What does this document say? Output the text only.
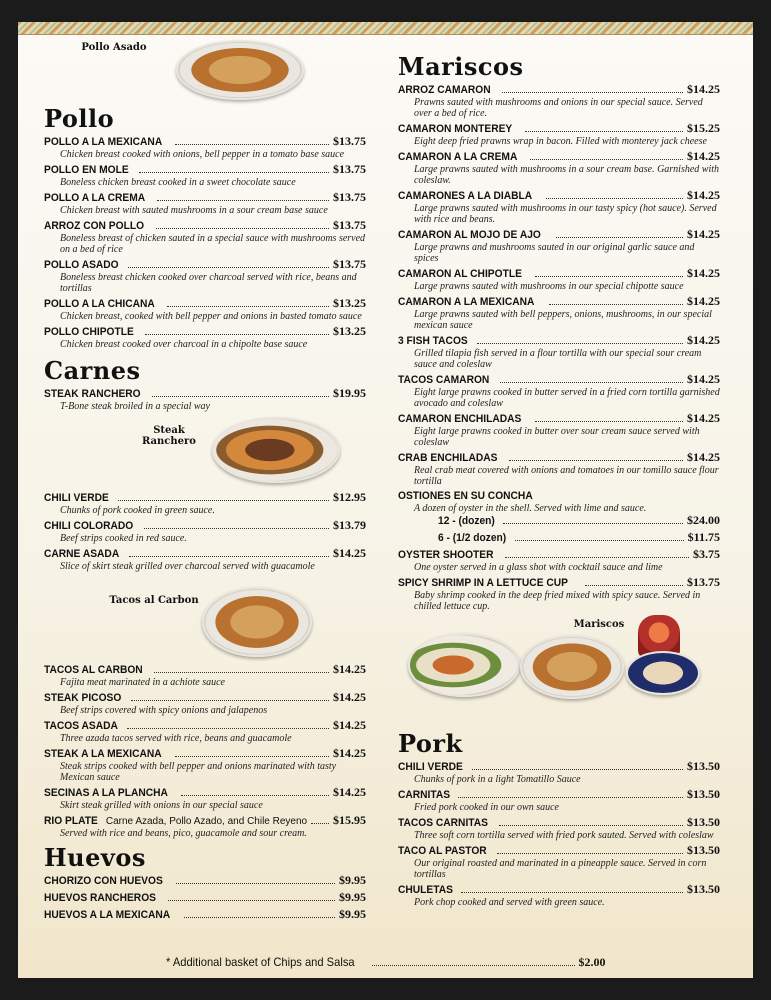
Pollo Asado
Pollo
POLLO A LA MEXICANA	$13.75
Chicken breast cooked with onions, bell pepper in a tomato base sauce
POLLO EN MOLE	$13.75
Boneless chicken breast cooked in a sweet chocolate sauce
POLLO A LA CREMA	$13.75
Chicken breast with sauted mushrooms in a sour cream base sauce
ARROZ CON POLLO	$13.75
Boneless breast of chicken sauted in a special sauce with mushrooms served on a bed of rice
POLLO ASADO	$13.75
Boneless breast chicken cooked over charcoal served with rice, beans and tortillas
POLLO A LA CHICANA	$13.25
Chicken breast, cooked with bell pepper and onions in basted tomato sauce
POLLO CHIPOTLE	$13.25
Chicken breast cooked over charcoal in a chipolte base sauce
Carnes
STEAK RANCHERO	$19.95
T-Bone steak broiled in a special way
Steak
Ranchero
CHILI VERDE	$12.95
Chunks of pork cooked in green sauce.
CHILI COLORADO	$13.79
Beef strips cooked in red sauce.
CARNE ASADA	$14.25
Slice of skirt steak grilled over charcoal served with guacamole
Tacos al Carbon
TACOS AL CARBON	$14.25
Fajita meat marinated in a achiote sauce
STEAK PICOSO	$14.25
Beef strips covered with spicy onions and jalapenos
TACOS ASADA	$14.25
Three azada tacos served with rice, beans and guacamole
STEAK A LA MEXICANA	$14.25
Steak strips cooked with bell pepper and onions marinated with tasty Mexican sauce
SECINAS A LA PLANCHA	$14.25
Skirt steak grilled with onions in our special sauce
RIO PLATE Carne Azada, Pollo Azado, and Chile Reyeno $15.95
Served with rice and beans, pico, guacamole and sour cream.
Huevos
CHORIZO CON HUEVOS	$9.95
HUEVOS RANCHEROS	$9.95
HUEVOS A LA MEXICANA	$9.95
Mariscos
ARROZ CAMARON	$14.25
Prawns sauted with mushrooms and onions in our special sauce. Served over a bed of rice.
CAMARON MONTEREY	$15.25
Eight deep fried prawns wrap in bacon. Filled with monterey jack cheese
CAMARON A LA CREMA	$14.25
Large prawns sauted with mushrooms in a sour cream base. Garnished with coleslaw.
CAMARONES A LA DIABLA	$14.25
Large prawns sauted with mushrooms in our tasty spicy (hot sauce). Served with rice and beans.
CAMARON AL MOJO DE AJO	$14.25
Large prawns and mushrooms sauted in our original garlic sauce and spices
CAMARON AL CHIPOTLE	$14.25
Large prawns sauted with mushrooms in our special chipotte sauce
CAMARON A LA MEXICANA	$14.25
Large prawns sauted with bell peppers, onions, mushrooms, in our special mexican sauce
3 FISH TACOS	$14.25
Grilled tilapia fish served in a flour tortilla with our special sour cream sauce and coleslaw
TACOS CAMARON	$14.25
Eight large prawns cooked in butter served in a fried corn tortilla garnished avocado and coleslaw
CAMARON ENCHILADAS	$14.25
Eight large prawns cooked in butter over sour cream sauce served with coleslaw
CRAB ENCHILADAS	$14.25
Real crab meat covered with onions and tomatoes in our tomillo sauce flour tortilla
OSTIONES EN SU CONCHA
A dozen of oyster in the shell. Served with lime and sauce.
12 - (dozen)	$24.00
6 - (1/2 dozen)	$11.75
OYSTER SHOOTER	$3.75
One oyster served in a glass shot with cocktail sauce and lime
SPICY SHRIMP IN A LETTUCE CUP	$13.75
Baby shrimp cooked in the deep fried mixed with spicy sauce. Served in chilled lettuce cup.
Mariscos
Pork
CHILI VERDE	$13.50
Chunks of pork in a light Tomatillo Sauce
CARNITAS	$13.50
Fried pork cooked in our own sauce
TACOS CARNITAS	$13.50
Three soft corn tortilla served with fried pork sauted. Served with coleslaw
TACO AL PASTOR	$13.50
Our original roasted and marinated in a pineapple sauce. Served in corn tortillas
CHULETAS	$13.50
Pork chop cooked and served with green sauce.
* Additional basket of Chips and Salsa	$2.00
